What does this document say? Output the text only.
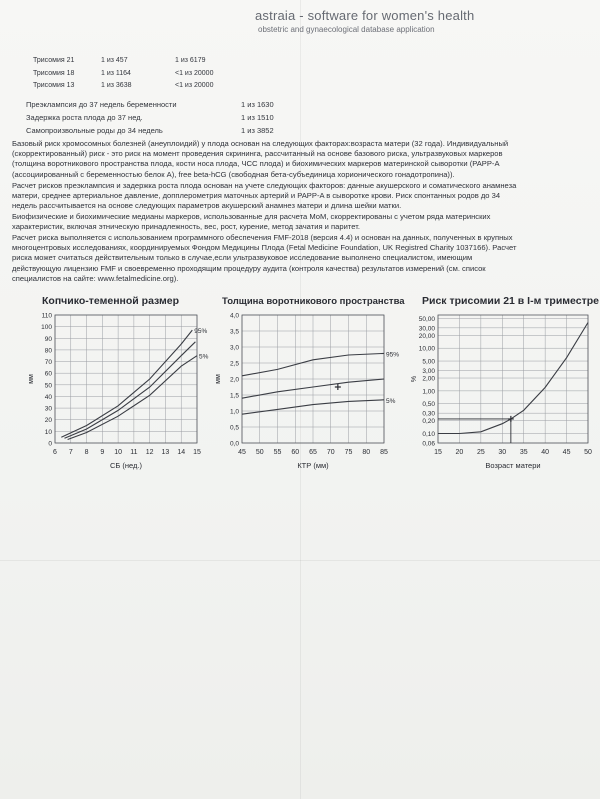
astraia - software for women's health
obstetric and gynaecological database application
Трисомия 21	1 из 457	1 из 6179
Трисомия 18	1 из 1164	<1 из 20000
Трисомия 13	1 из 3638	<1 из 20000
Преэклампсия до 37 недель беременности	1 из 1630
Задержка роста плода до 37 нед.	1 из 1510
Самопроизвольные роды до 34 недель	1 из 3852

Базовый риск хромосомных болезней (анеуплоидий) у плода основан на следующих факторах:возраста матери (32 года). Индивидуальный
(скорректированный) риск - это риск на момент проведения скрининга, рассчитанный на основе базового риска, ультразвуковых маркеров
(толщина воротникового пространства плода, кости носа плода, ЧСС плода) и биохимических маркеров материнской сыворотки (PAPP-A
(ассоциированный с беременностью белок А), free beta-hCG (свободная бета-субъединица хорионического гонадотропина)).

Расчет рисков преэклампсия и задержка роста плода основан на учете следующих факторов: данные акушерского и соматического анамнеза
матери, среднее артериальное давление, допплерометрия маточных артерий и PAPP-A в сыворотке крови. Риск спонтанных родов до 34
недель рассчитывается на основе следующих параметров акушерский анамнез матери и длина шейки матки.

Биофизические и биохимические медианы маркеров, использованные для расчета МоМ, скорректированы с учетом ряда материнских
характеристик, включая этническую принадлежность, вес, рост, курение, метод зачатия и паритет.

Расчет риска выполняется с использованием программного обеспечения FMF-2018 (версия 4.4) и основан на данных, полученных в крупных
многоцентровых исследованиях, координируемых Фондом Медицины Плода (Fetal Medicine Foundation, UK Registred Charity 1037166). Расчет
риска может считаться действительным только в случае,если ультразвуковое исследование выполнено специалистом, имеющим
действующую лицензию FMF и своевременно проходящим процедуру аудита (контроля качества) результатов измерений (см. список
специалистов на сайте: www.fetalmedicine.org).

Копчико-теменной размер
0
10
20
30
40
50
60
70
80
90
100
110
6 7 8 9 10 11 12 13 14 15
СБ (нед.)
мм
95%
5%
Толщина воротникового пространства
0,0
0,5
1,0
1,5
2,0
2,5
3,0
3,5
4,0
45 50 55 60 65 70 75 80 85
КТР (мм)
мм
95%
5%
Риск трисомии 21 в I-м триместре
0,06
0,10
0,20
0,30
0,50
1,00
2,00
3,00
5,00
10,00
20,00
30,00
50,00
15 20 25 30 35 40 45 50
Возраст матери
%
